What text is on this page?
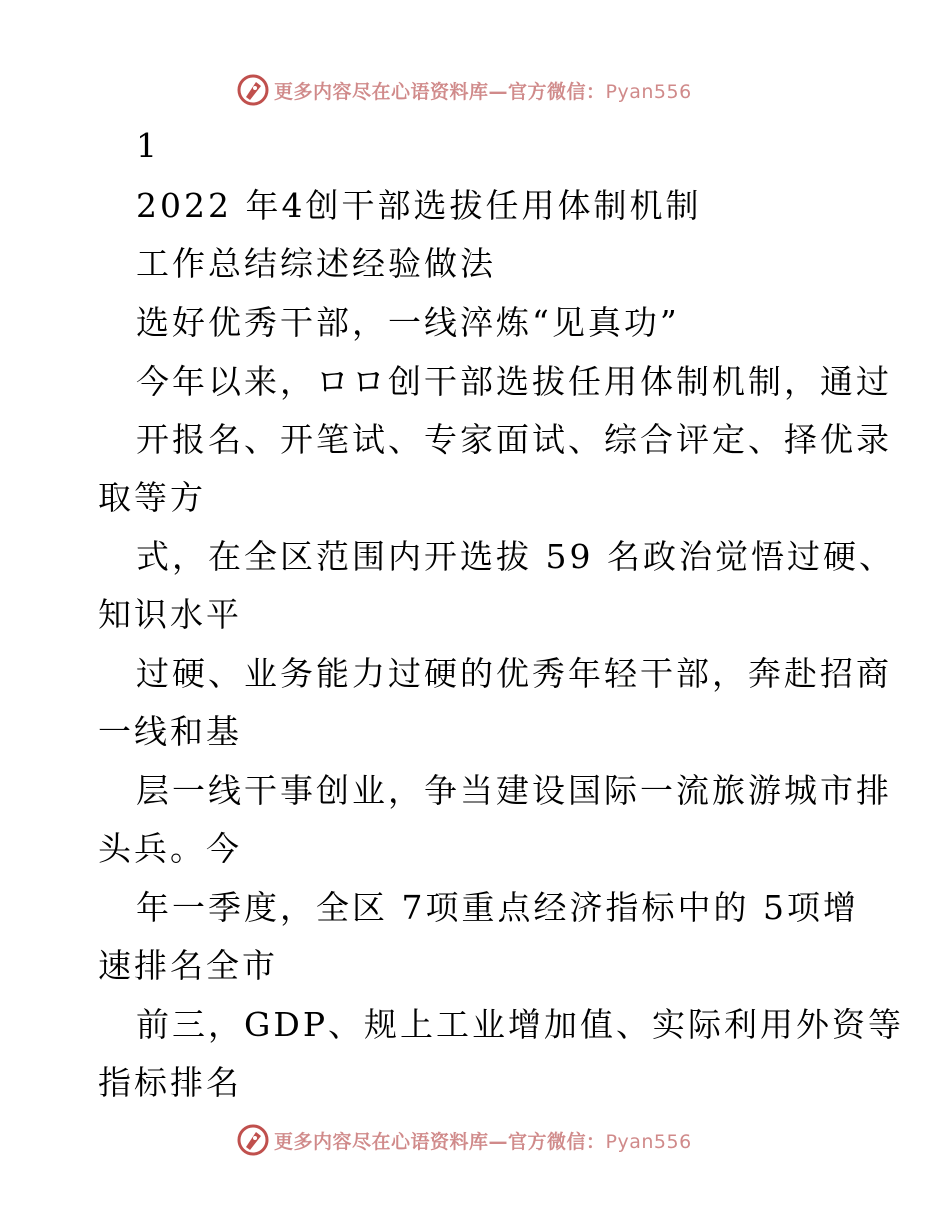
更多内容尽在心语资料库—官方微信：Pyan556
1
2022 年4创干部选拔任用体制机制
工作总结综述经验做法
选好优秀干部，一线淬炼“见真功”
今年以来，ロロ创干部选拔任用体制机制，通过
开报名、开笔试、专家面试、综合评定、择优录
取等方
式，在全区范围内开选拔 59 名政治觉悟过硬、
知识水平
过硬、业务能力过硬的优秀年轻干部，奔赴招商
一线和基
层一线干事创业，争当建设国际一流旅游城市排
头兵。今
年一季度，全区 7项重点经济指标中的 5项增
速排名全市
前三，GDP、规上工业增加值、实际利用外资等
指标排名
更多内容尽在心语资料库—官方微信：Pyan556
